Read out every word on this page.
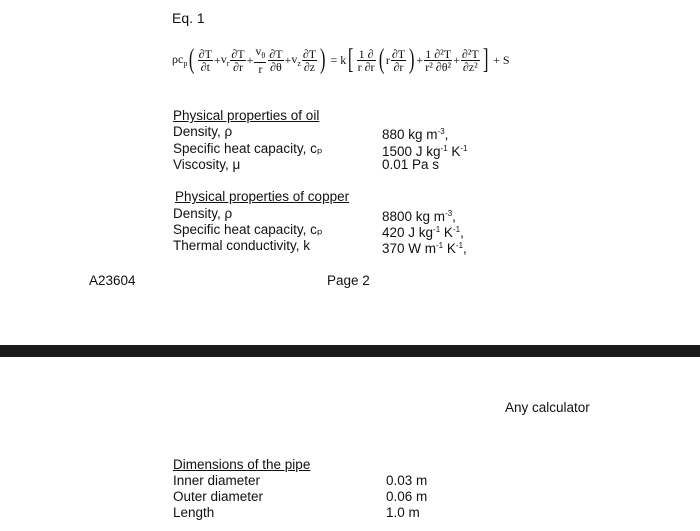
Eq. 1
$\rho c_p$ ( $\frac{\partial T}{\partial t} + v_r \frac{\partial T}{\partial r} + \frac{v_\theta}{r} \frac{\partial T}{\partial\theta} + v_z \frac{\partial T}{\partial z}$ ) = k [ $\frac{1 \partial}{r \partial r}$ ( r $\frac{\partial T}{\partial r}$ ) + $\frac{\text{1 ∂²T}}{\text{r² ∂θ²}} + \frac{\text{∂²T}}{\text{∂z²}}$ ] + S
Physical properties of oil
Density, ρ
Specific heat capacity, cₚ
Viscosity, μ
880 kg $m^{-3}$,
1500 J $kg^{-1}$ $K^{-1}$
0.01 Pa s
Physical properties of copper
Density, ρ
Specific heat capacity, cₚ
Thermal conductivity, k
8800 kg $m^{-3}$,
420 J $kg^{-1}$ $K^{-1}$,
370 W $m^{-1}$ $K^{-1}$,
A23604	Page 2
Any calculator
Dimensions of the pipe
Inner diameter
Outer diameter
Length
0.03 m
0.06 m
1.0 m
